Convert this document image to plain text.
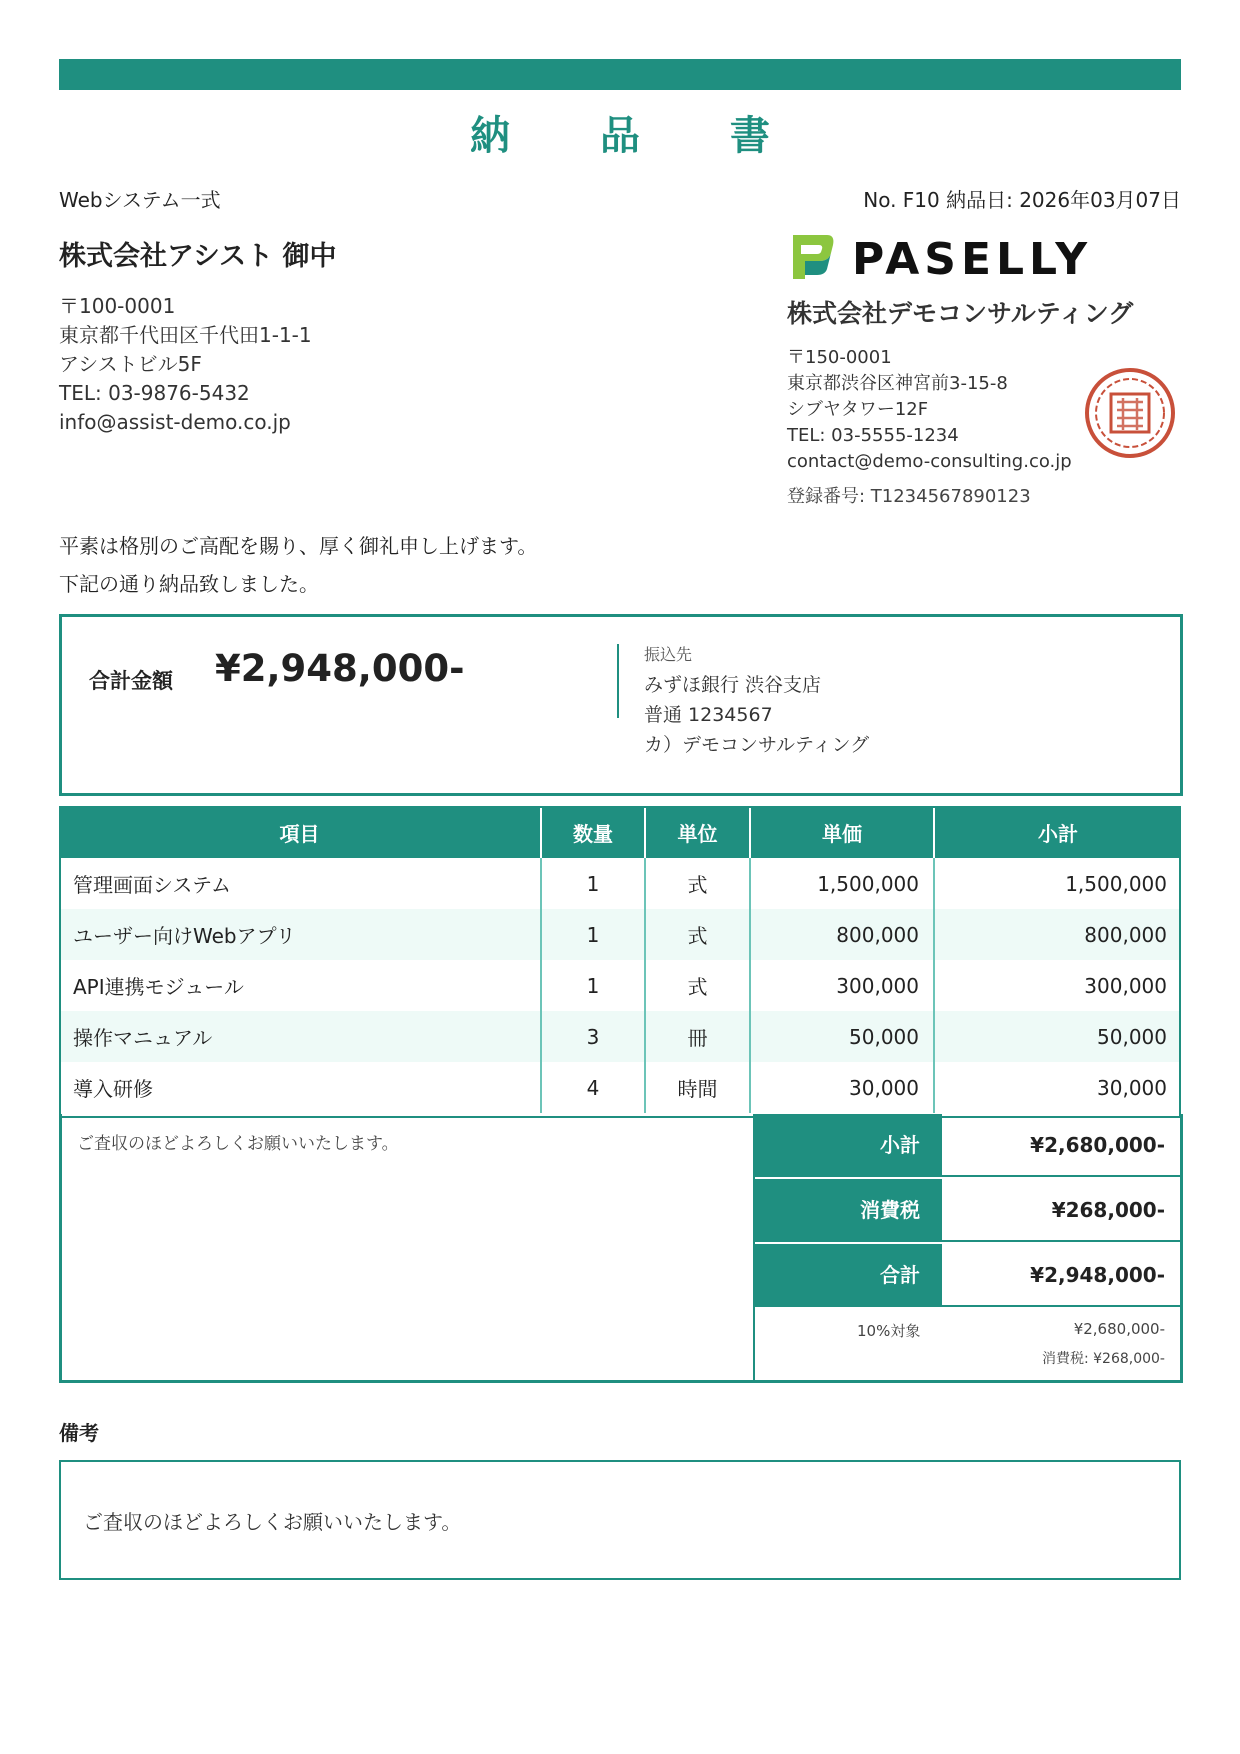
納 品 書
Webシステム一式	No. F10 納品日: 2026年03月07日
株式会社アシスト 御中
〒100-0001
東京都千代田区千代田1-1-1
アシストビル5F
TEL: 03-9876-5432
info@assist-demo.co.jp
PASELLY
株式会社デモコンサルティング
〒150-0001
東京都渋谷区神宮前3-15-8
シブヤタワー12F
TEL: 03-5555-1234
contact@demo-consulting.co.jp
登録番号: T1234567890123
平素は格別のご高配を賜り、厚く御礼申し上げます。
下記の通り納品致しました。
合計金額 ¥2,948,000-	振込先
みずほ銀行 渋谷支店
普通 1234567
カ）デモコンサルティング
項目	数量	単位	単価	小計
管理画面システム	1	式	1,500,000	1,500,000
ユーザー向けWebアプリ	1	式	800,000	800,000
API連携モジュール	1	式	300,000	300,000
操作マニュアル	3	冊	50,000	50,000
導入研修	4	時間	30,000	30,000
ご査収のほどよろしくお願いいたします。	小計	¥2,680,000-
消費税	¥268,000-
合計	¥2,948,000-
10%対象	¥2,680,000-
消費税: ¥268,000-
備考
ご査収のほどよろしくお願いいたします。
